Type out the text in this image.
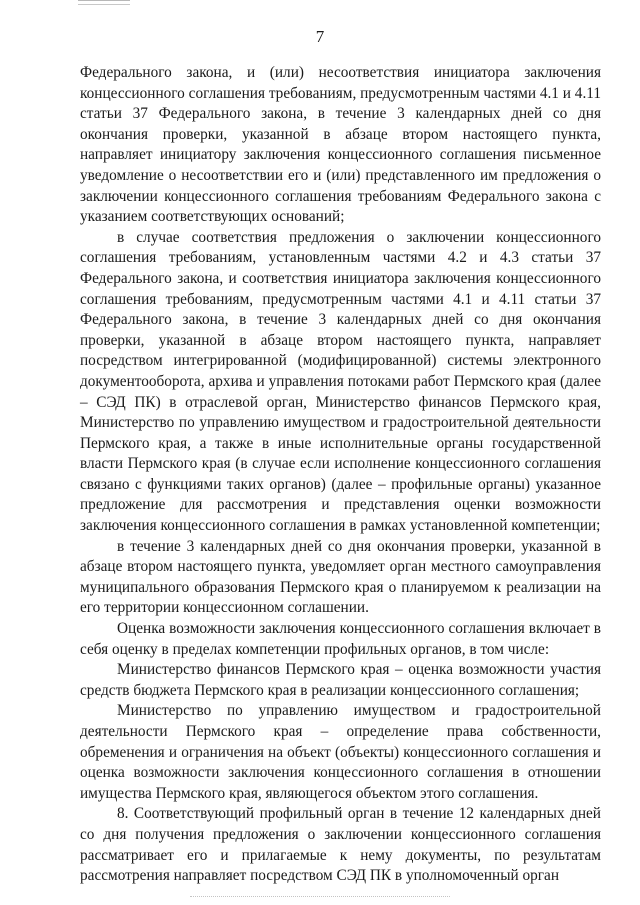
7

Федерального закона, и (или) несоответствия инициатора заключения концессионного соглашения требованиям, предусмотренным частями 4.1 и 4.11 статьи 37 Федерального закона, в течение 3 календарных дней со дня окончания проверки, указанной в абзаце втором настоящего пункта, направляет инициатору заключения концессионного соглашения письменное уведомление о несоответствии его и (или) представленного им предложения о заключении концессионного соглашения требованиям Федерального закона с указанием соответствующих оснований;

в случае соответствия предложения о заключении концессионного соглашения требованиям, установленным частями 4.2 и 4.3 статьи 37 Федерального закона, и соответствия инициатора заключения концессионного соглашения требованиям, предусмотренным частями 4.1 и 4.11 статьи 37 Федерального закона, в течение 3 календарных дней со дня окончания проверки, указанной в абзаце втором настоящего пункта, направляет посредством интегрированной (модифицированной) системы электронного документооборота, архива и управления потоками работ Пермского края (далее – СЭД ПК) в отраслевой орган, Министерство финансов Пермского края, Министерство по управлению имуществом и градостроительной деятельности Пермского края, а также в иные исполнительные органы государственной власти Пермского края (в случае если исполнение концессионного соглашения связано с функциями таких органов) (далее – профильные органы) указанное предложение для рассмотрения и представления оценки возможности заключения концессионного соглашения в рамках установленной компетенции;

в течение 3 календарных дней со дня окончания проверки, указанной в абзаце втором настоящего пункта, уведомляет орган местного самоуправления муниципального образования Пермского края о планируемом к реализации на его территории концессионном соглашении.

Оценка возможности заключения концессионного соглашения включает в себя оценку в пределах компетенции профильных органов, в том числе:

Министерство финансов Пермского края – оценка возможности участия средств бюджета Пермского края в реализации концессионного соглашения;

Министерство по управлению имуществом и градостроительной деятельности Пермского края – определение права собственности, обременения и ограничения на объект (объекты) концессионного соглашения и оценка возможности заключения концессионного соглашения в отношении имущества Пермского края, являющегося объектом этого соглашения.

8. Соответствующий профильный орган в течение 12 календарных дней со дня получения предложения о заключении концессионного соглашения рассматривает его и прилагаемые к нему документы, по результатам рассмотрения направляет посредством СЭД ПК в уполномоченный орган
